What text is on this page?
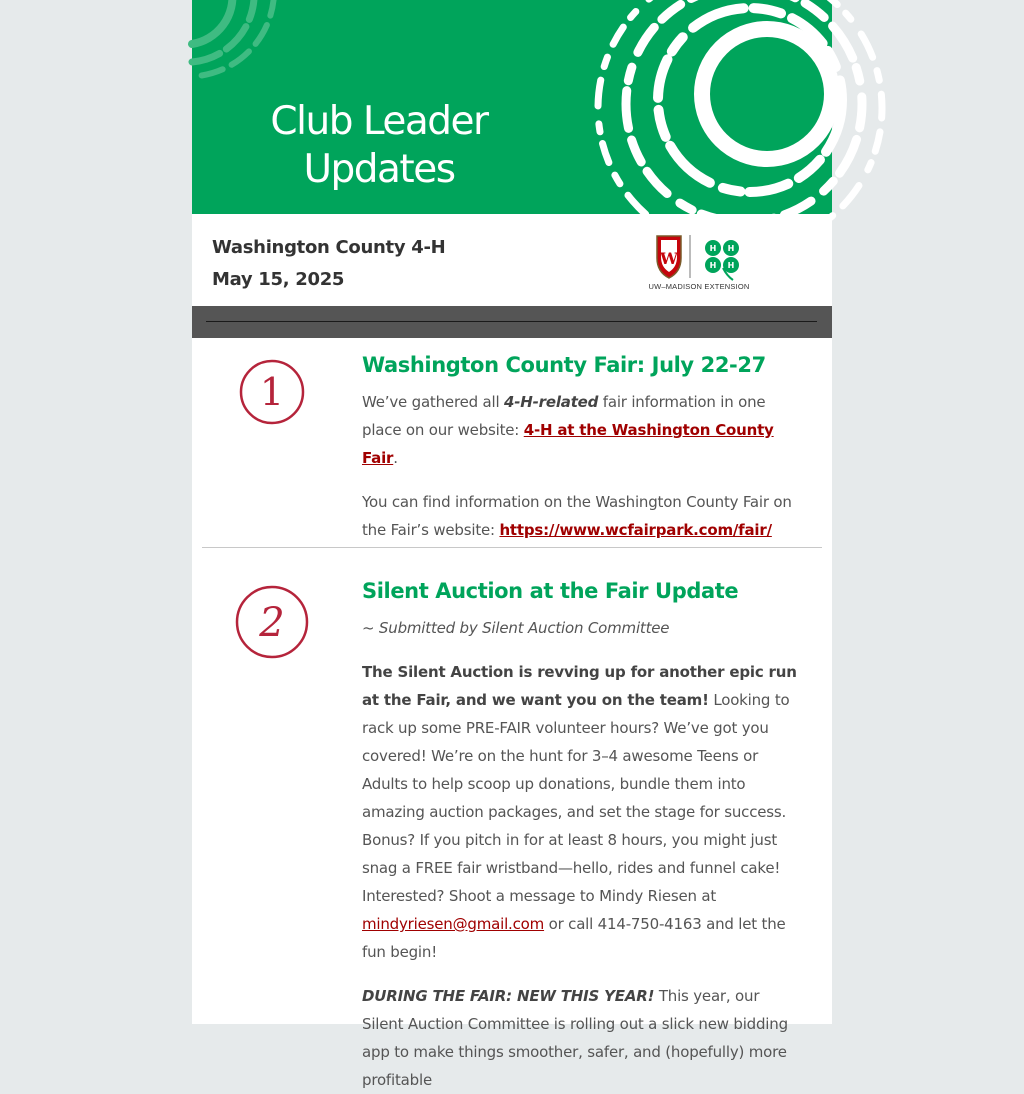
Club Leader
Updates
Washington County 4-H
May 15, 2025
W
H H
H H
UW–MADISON EXTENSION
1
Washington County Fair: July 22-27

We’ve gathered all 4-H-related fair information in one place on our website: 4-H at the Washington County Fair.

You can find information on the Washington County Fair on the Fair’s website: https://www.wcfairpark.com/fair/

2
Silent Auction at the Fair Update

~ Submitted by Silent Auction Committee

The Silent Auction is revving up for another epic run at the Fair, and we want you on the team! Looking to rack up some PRE-FAIR volunteer hours? We’ve got you covered! We’re on the hunt for 3–4 awesome Teens or Adults to help scoop up donations, bundle them into amazing auction packages, and set the stage for success. Bonus? If you pitch in for at least 8 hours, you might just snag a FREE fair wristband—hello, rides and funnel cake! Interested? Shoot a message to Mindy Riesen at mindyriesen@gmail.com or call 414-750-4163 and let the fun begin!

DURING THE FAIR: NEW THIS YEAR! This year, our Silent Auction Committee is rolling out a slick new bidding app to make things smoother, safer, and (hopefully) more profitable
